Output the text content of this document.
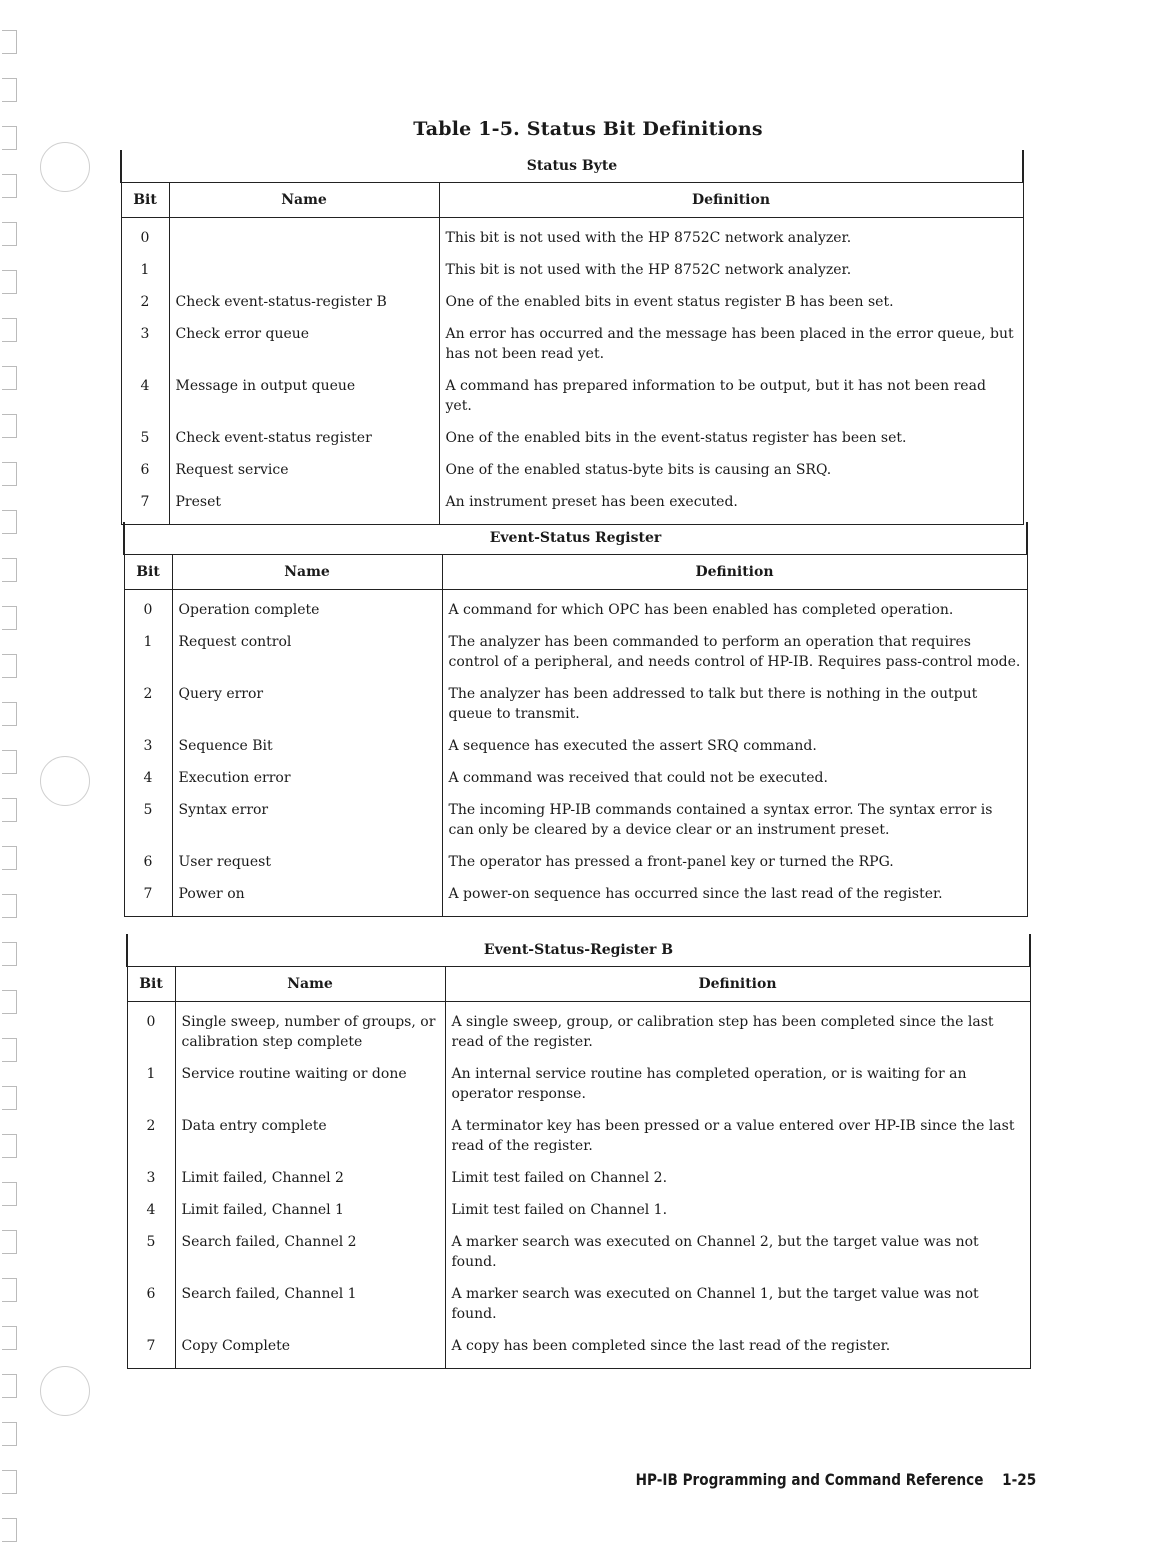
Table 1-5. Status Bit Definitions
Status Byte		
Bit	Name	Definition
0		This bit is not used with the HP 8752C network analyzer.
1		This bit is not used with the HP 8752C network analyzer.
2	Check event-status-register B	One of the enabled bits in event status register B has been set.
3	Check error queue	An error has occurred and the message has been placed in the error queue, but has not been read yet.
4	Message in output queue	A command has prepared information to be output, but it has not been read yet.
5	Check event-status register	One of the enabled bits in the event-status register has been set.
6	Request service	One of the enabled status-byte bits is causing an SRQ.
7	Preset	An instrument preset has been executed.
Event-Status Register		
Bit	Name	Definition
0	Operation complete	A command for which OPC has been enabled has completed operation.
1	Request control	The analyzer has been commanded to perform an operation that requires control of a peripheral, and needs control of HP-IB. Requires pass-control mode.
2	Query error	The analyzer has been addressed to talk but there is nothing in the output queue to transmit.
3	Sequence Bit	A sequence has executed the assert SRQ command.
4	Execution error	A command was received that could not be executed.
5	Syntax error	The incoming HP-IB commands contained a syntax error. The syntax error is can only be cleared by a device clear or an instrument preset.
6	User request	The operator has pressed a front-panel key or turned the RPG.
7	Power on	A power-on sequence has occurred since the last read of the register.
Event-Status-Register B		
Bit	Name	Definition
0	Single sweep, number of groups, or calibration step complete	A single sweep, group, or calibration step has been completed since the last read of the register.
1	Service routine waiting or done	An internal service routine has completed operation, or is waiting for an operator response.
2	Data entry complete	A terminator key has been pressed or a value entered over HP-IB since the last read of the register.
3	Limit failed, Channel 2	Limit test failed on Channel 2.
4	Limit failed, Channel 1	Limit test failed on Channel 1.
5	Search failed, Channel 2	A marker search was executed on Channel 2, but the target value was not found.
6	Search failed, Channel 1	A marker search was executed on Channel 1, but the target value was not found.
7	Copy Complete	A copy has been completed since the last read of the register.
HP-IB Programming and Command Reference 1-25
